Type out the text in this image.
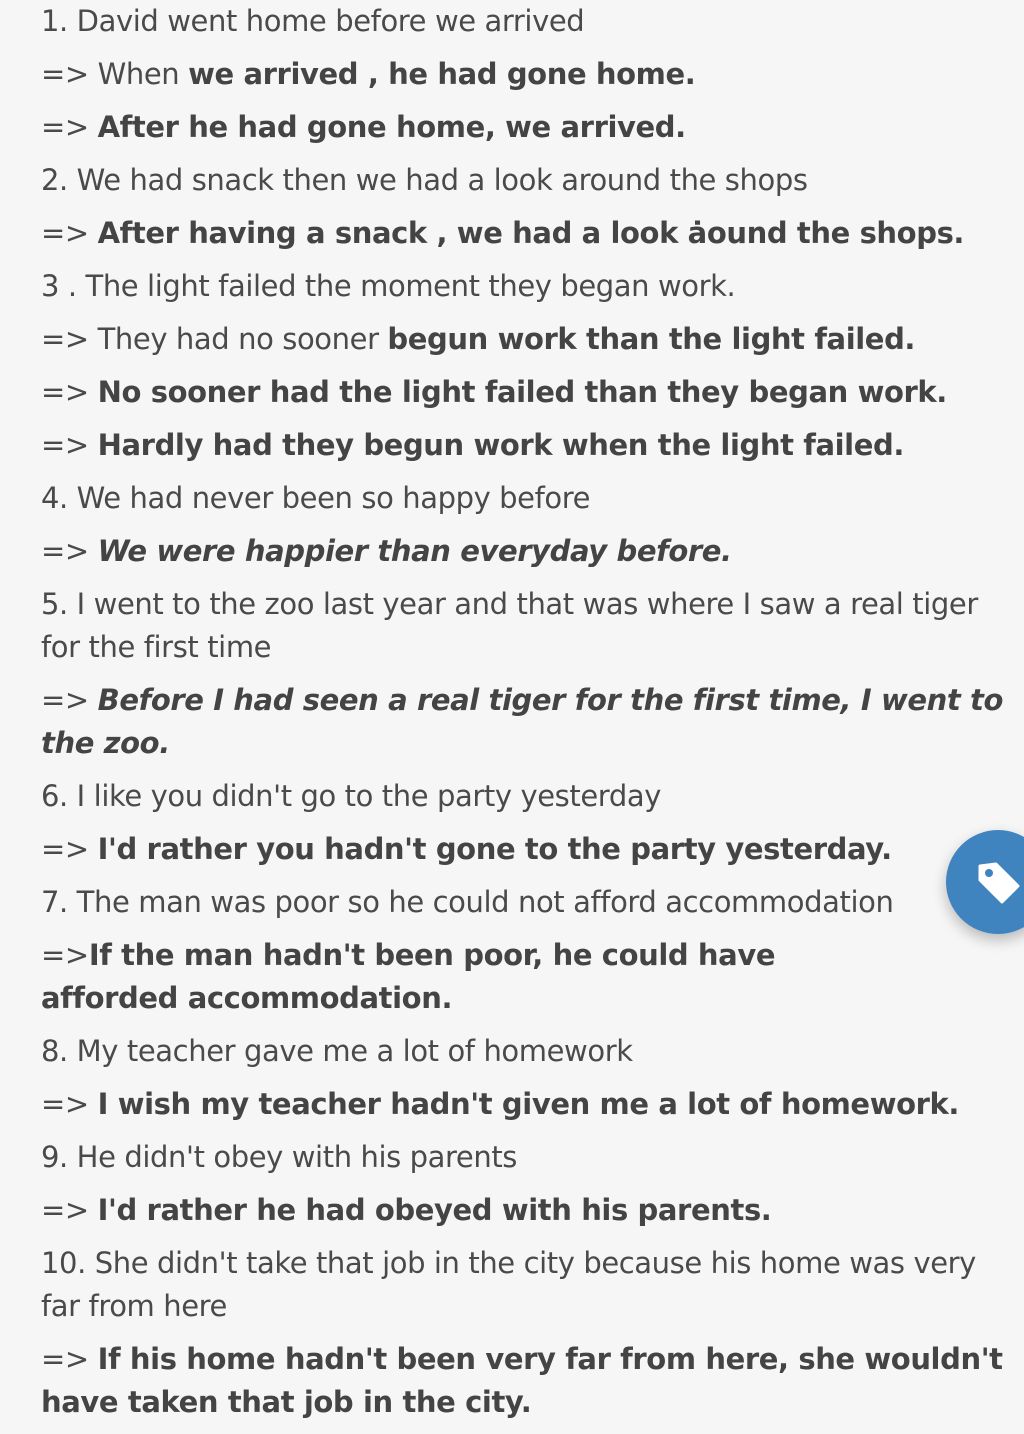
1. David went home before we arrived
=> When we arrived , he had gone home.
=> After he had gone home, we arrived.
2. We had snack then we had a look around the shops
=> After having a snack , we had a look ȧound the shops.
3 . The light failed the moment they began work.
=> They had no sooner begun work than the light failed.
=> No sooner had the light failed than they began work.
=> Hardly had they begun work when the light failed.
4. We had never been so happy before
=> We were happier than everyday before.
5. I went to the zoo last year and that was where I saw a real tiger for the first time
=> Before I had seen a real tiger for the first time, I went to the zoo.
6. I like you didn't go to the party yesterday
=> I'd rather you hadn't gone to the party yesterday.
7. The man was poor so he could not afford accommodation
=>If the man hadn't been poor, he could have afforded accommodation.
8. My teacher gave me a lot of homework
=> I wish my teacher hadn't given me a lot of homework.
9. He didn't obey with his parents
=> I'd rather he had obeyed with his parents.
10. She didn't take that job in the city because his home was very far from here
=> If his home hadn't been very far from here, she wouldn't have taken that job in the city.
